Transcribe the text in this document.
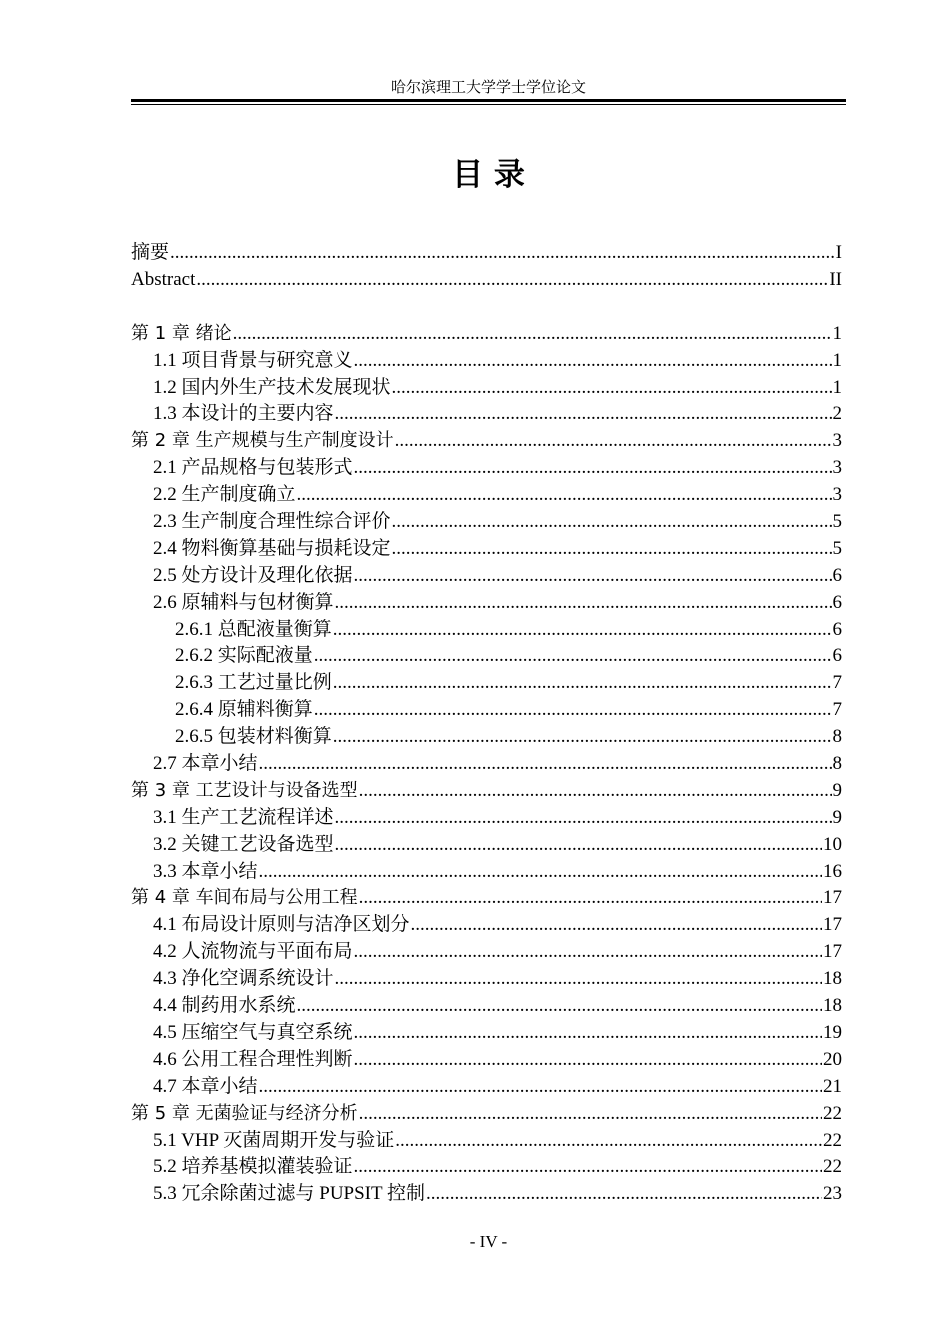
哈尔滨理工大学学士学位论文
目 录
摘要 .....	I
Abstract .....	II
第 1 章 绪论 .....	1
1.1 项目背景与研究意义 .....	1
1.2 国内外生产技术发展现状 .....	1
1.3 本设计的主要内容 .....	2
第 2 章 生产规模与生产制度设计 .....	3
2.1 产品规格与包装形式 .....	3
2.2 生产制度确立 .....	3
2.3 生产制度合理性综合评价 .....	5
2.4 物料衡算基础与损耗设定 .....	5
2.5 处方设计及理化依据 .....	6
2.6 原辅料与包材衡算 .....	6
2.6.1 总配液量衡算 .....	6
2.6.2 实际配液量 .....	6
2.6.3 工艺过量比例 .....	7
2.6.4 原辅料衡算 .....	7
2.6.5 包装材料衡算 .....	8
2.7 本章小结 .....	8
第 3 章 工艺设计与设备选型 .....	9
3.1 生产工艺流程详述 .....	9
3.2 关键工艺设备选型 .....	10
3.3 本章小结 .....	16
第 4 章 车间布局与公用工程 .....	17
4.1 布局设计原则与洁净区划分 .....	17
4.2 人流物流与平面布局 .....	17
4.3 净化空调系统设计 .....	18
4.4 制药用水系统 .....	18
4.5 压缩空气与真空系统 .....	19
4.6 公用工程合理性判断 .....	20
4.7 本章小结 .....	21
第 5 章 无菌验证与经济分析 .....	22
5.1 VHP 灭菌周期开发与验证 .....	22
5.2 培养基模拟灌装验证 .....	22
5.3 冗余除菌过滤与 PUPSIT 控制 .....	23
- IV -
